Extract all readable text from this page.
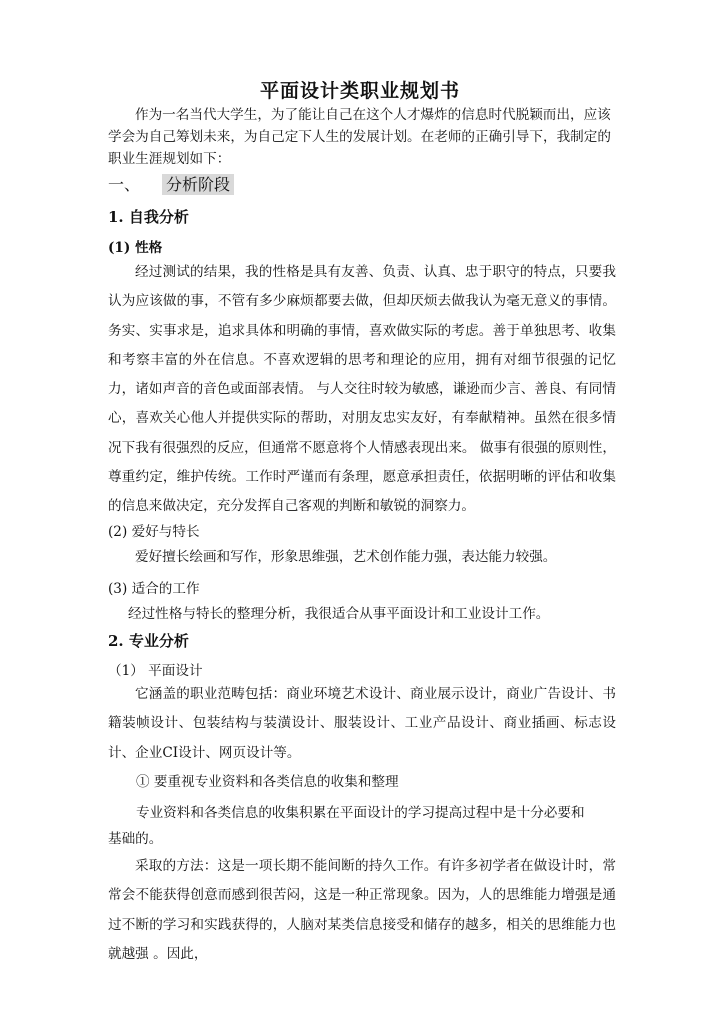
平面设计类职业规划书

作为一名当代大学生，为了能让自己在这个人才爆炸的信息时代脱颖而出，应该学会为自己筹划未来，为自己定下人生的发展计划。在老师的正确引导下，我制定的职业生涯规划如下：

一、 分析阶段
1. 自我分析
(1) 性格

经过测试的结果，我的性格是具有友善、负责、认真、忠于职守的特点，只要我认为应该做的事，不管有多少麻烦都要去做，但却厌烦去做我认为毫无意义的事情。 务实、实事求是，追求具体和明确的事情，喜欢做实际的考虑。善于单独思考、收集和考察丰富的外在信息。不喜欢逻辑的思考和理论的应用，拥有对细节很强的记忆力，诸如声音的音色或面部表情。 与人交往时较为敏感，谦逊而少言、善良、有同情心，喜欢关心他人并提供实际的帮助，对朋友忠实友好，有奉献精神。虽然在很多情况下我有很强烈的反应，但通常不愿意将个人情感表现出来。 做事有很强的原则性，尊重约定，维护传统。工作时严谨而有条理，愿意承担责任，依据明晰的评估和收集的信息来做决定，充分发挥自己客观的判断和敏锐的洞察力。

(2) 爱好与特长
爱好擅长绘画和写作，形象思维强，艺术创作能力强，表达能力较强。
(3) 适合的工作
经过性格与特长的整理分析，我很适合从事平面设计和工业设计工作。
2. 专业分析
（1） 平面设计

它涵盖的职业范畴包括：商业环境艺术设计、商业展示设计，商业广告设计、书籍装帧设计、包装结构与装潢设计、服装设计、工业产品设计、商业插画、标志设计、企业CI设计、网页设计等。

① 要重视专业资料和各类信息的收集和整理
专业资料和各类信息的收集积累在平面设计的学习提高过程中是十分必要和
基础的。

采取的方法：这是一项长期不能间断的持久工作。有许多初学者在做设计时，常常会不能获得创意而感到很苦闷，这是一种正常现象。因为，人的思维能力增强是通过不断的学习和实践获得的，人脑对某类信息接受和储存的越多，相关的思维能力也就越强 。因此，
